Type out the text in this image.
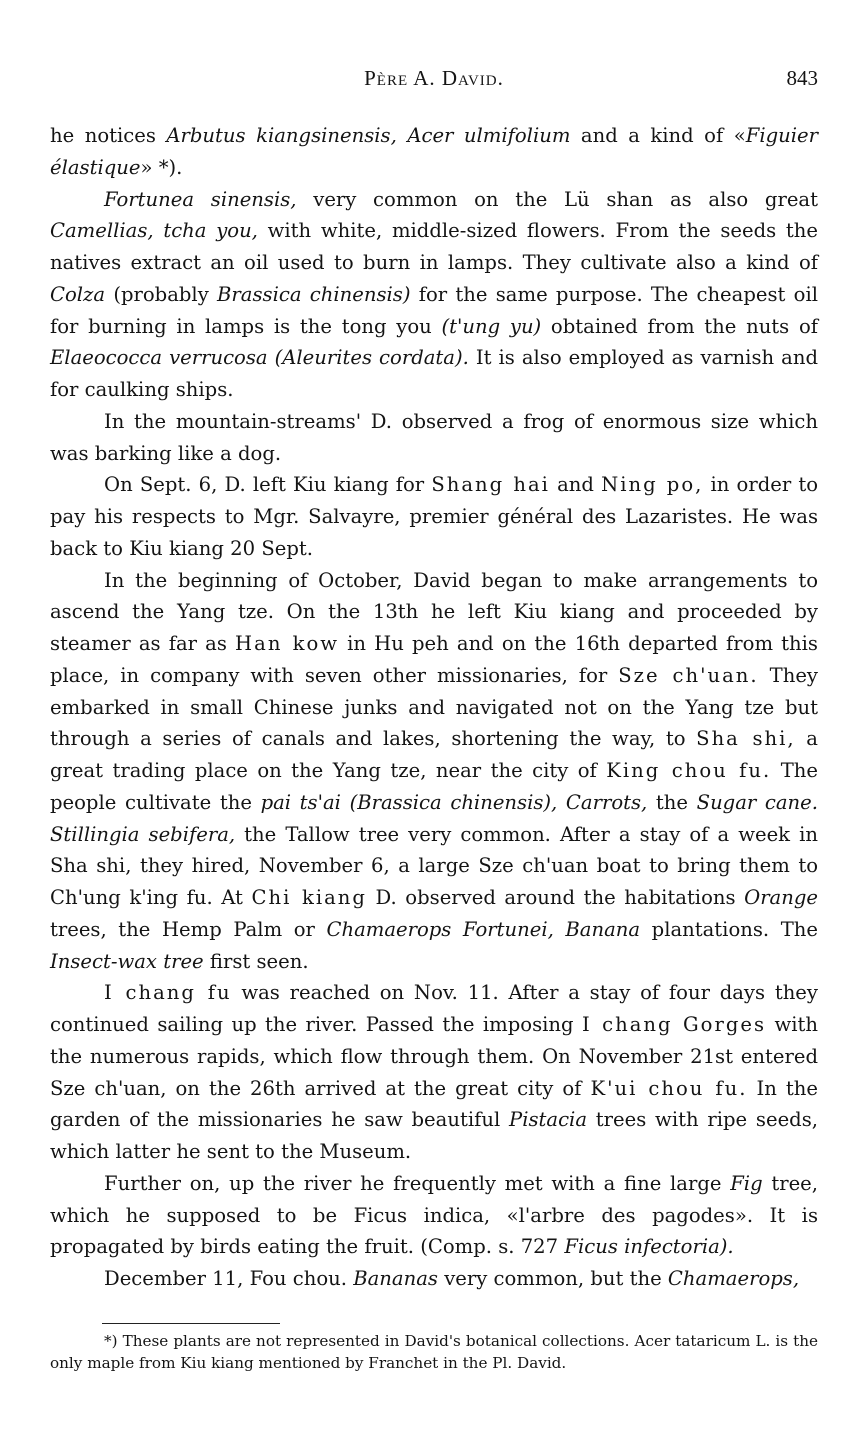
Père A. David.	843

he notices Arbutus kiangsinensis, Acer ulmifolium and a kind of «Figuier élastique» *).

Fortunea sinensis, very common on the Lü shan as also great Camellias, tcha you, with white, middle-sized flowers. From the seeds the natives extract an oil used to burn in lamps. They cultivate also a kind of Colza (probably Brassica chinensis) for the same purpose. The cheapest oil for burning in lamps is the tong you (t'ung yu) obtained from the nuts of Elaeococca verrucosa (Aleurites cordata). It is also employed as varnish and for caulking ships.

In the mountain-streams' D. observed a frog of enormous size which was barking like a dog.

On Sept. 6, D. left Kiu kiang for Shang hai and Ning po, in order to pay his respects to Mgr. Salvayre, premier général des Lazaristes. He was back to Kiu kiang 20 Sept.

In the beginning of October, David began to make arrangements to ascend the Yang tze. On the 13th he left Kiu kiang and proceeded by steamer as far as Han kow in Hu peh and on the 16th departed from this place, in company with seven other missionaries, for Sze ch'uan. They embarked in small Chinese junks and navigated not on the Yang tze but through a series of canals and lakes, shortening the way, to Sha shi, a great trading place on the Yang tze, near the city of King chou fu. The people cultivate the pai ts'ai (Brassica chinensis), Carrots, the Sugar cane. Stillingia sebifera, the Tallow tree very common. After a stay of a week in Sha shi, they hired, November 6, a large Sze ch'uan boat to bring them to Ch'ung k'ing fu. At Chi kiang D. observed around the habitations Orange trees, the Hemp Palm or Chamaerops Fortunei, Banana plantations. The Insect-wax tree first seen.

I chang fu was reached on Nov. 11. After a stay of four days they continued sailing up the river. Passed the imposing I chang Gorges with the numerous rapids, which flow through them. On November 21st entered Sze ch'uan, on the 26th arrived at the great city of K'ui chou fu. In the garden of the missionaries he saw beautiful Pistacia trees with ripe seeds, which latter he sent to the Museum.

Further on, up the river he frequently met with a fine large Fig tree, which he supposed to be Ficus indica, «l'arbre des pagodes». It is propagated by birds eating the fruit. (Comp. s. 727 Ficus infectoria).

December 11, Fou chou. Bananas very common, but the Chamaerops,

*) These plants are not represented in David's botanical collections. Acer tataricum L. is the only maple from Kiu kiang mentioned by Franchet in the Pl. David.
